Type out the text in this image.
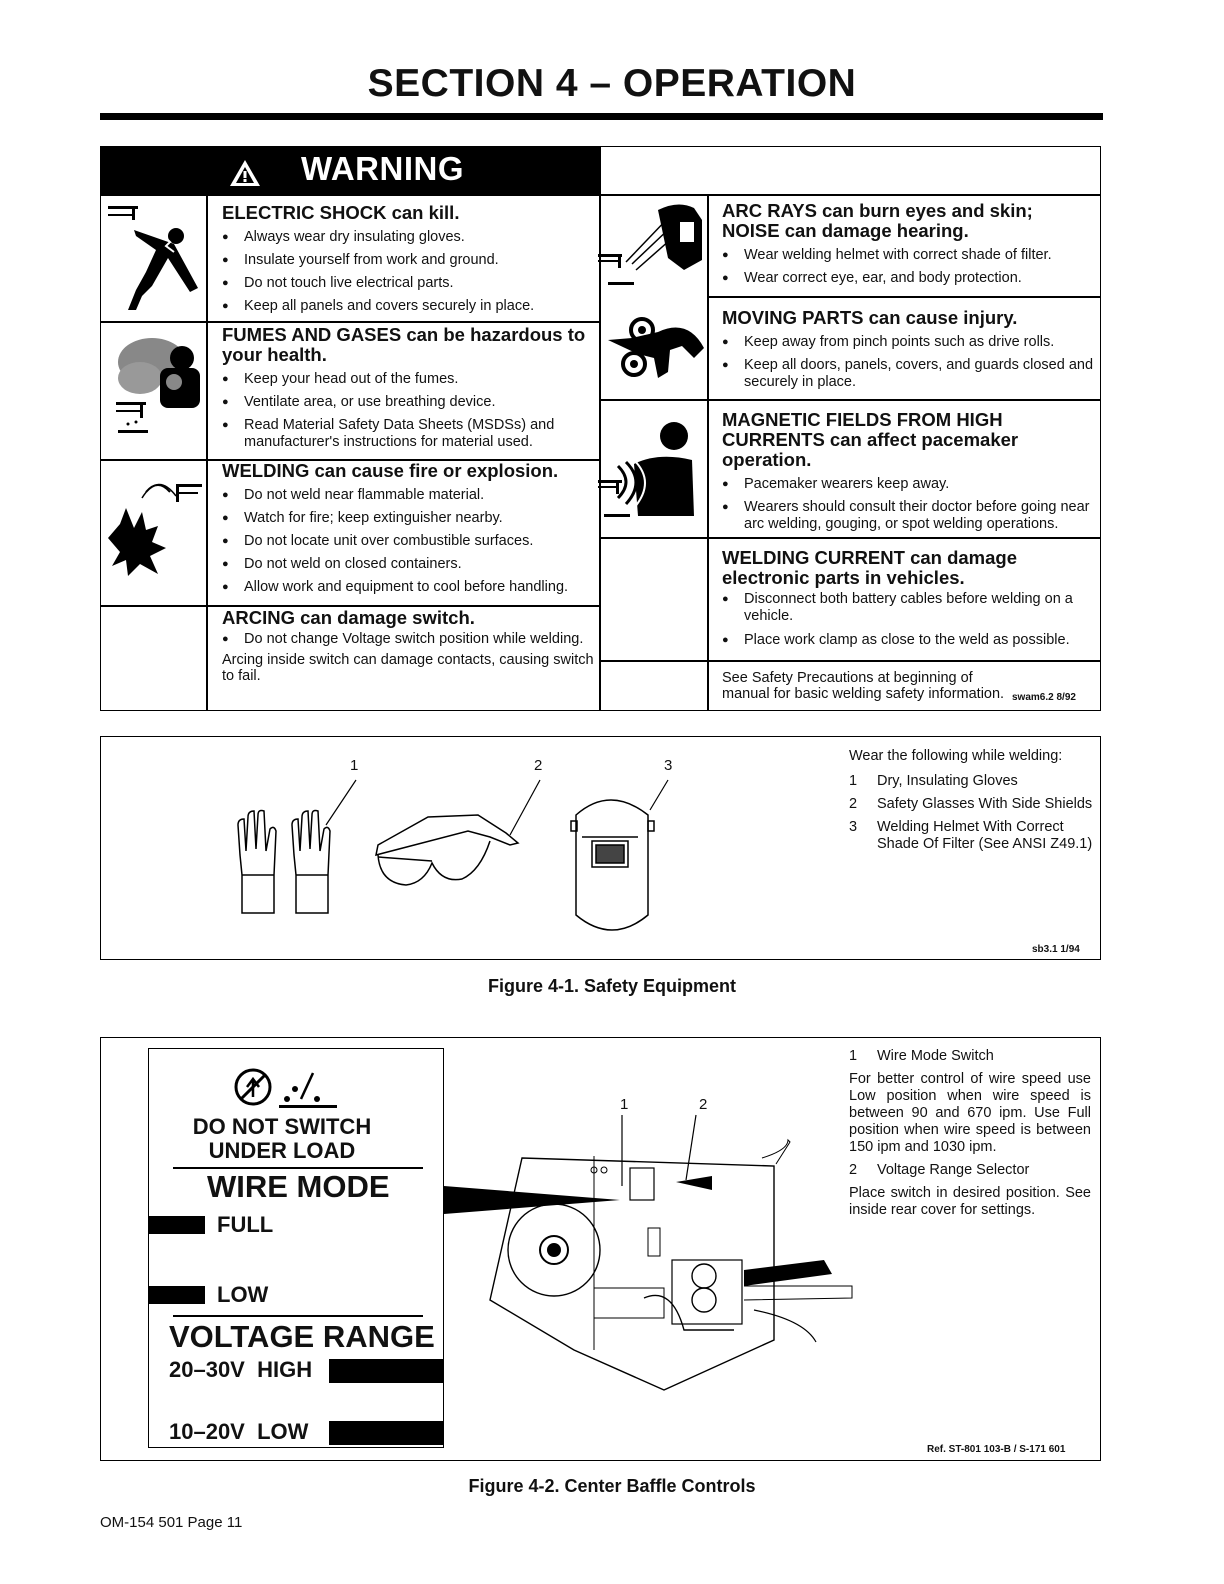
SECTION 4 – OPERATION
WARNING
ELECTRIC SHOCK can kill.
● Always wear dry insulating gloves.
● Insulate yourself from work and ground.
● Do not touch live electrical parts.
● Keep all panels and covers securely in place.
FUMES AND GASES can be hazardous to your health.
● Keep your head out of the fumes.
● Ventilate area, or use breathing device.
● Read Material Safety Data Sheets (MSDSs) and manufacturer's instructions for material used.
WELDING can cause fire or explosion.
● Do not weld near flammable material.
● Watch for fire; keep extinguisher nearby.
● Do not locate unit over combustible surfaces.
● Do not weld on closed containers.
● Allow work and equipment to cool before handling.
ARCING can damage switch.
● Do not change Voltage switch position while welding.
Arcing inside switch can damage contacts, causing switch to fail.
ARC RAYS can burn eyes and skin; NOISE can damage hearing.
● Wear welding helmet with correct shade of filter.
● Wear correct eye, ear, and body protection.
MOVING PARTS can cause injury.
● Keep away from pinch points such as drive rolls.
● Keep all doors, panels, covers, and guards closed and securely in place.
MAGNETIC FIELDS FROM HIGH CURRENTS can affect pacemaker operation.
● Pacemaker wearers keep away.
● Wearers should consult their doctor before going near arc welding, gouging, or spot welding operations.
WELDING CURRENT can damage electronic parts in vehicles.
● Disconnect both battery cables before welding on a vehicle.
● Place work clamp as close to the weld as possible.
See Safety Precautions at beginning of manual for basic welding safety information. swam6.2 8/92
1	2	3
Wear the following while welding:
1 Dry, Insulating Gloves
2 Safety Glasses With Side Shields
3 Welding Helmet With Correct Shade Of Filter (See ANSI Z49.1)
sb3.1 1/94
Figure 4-1. Safety Equipment
DO NOT SWITCH
UNDER LOAD
WIRE MODE
FULL
LOW
VOLTAGE RANGE
20–30V  HIGH
10–20V  LOW
1	2
1 Wire Mode Switch
For better control of wire speed use Low position when wire speed is between 90 and 670 ipm. Use Full position when wire speed is between 150 ipm and 1030 ipm.
2 Voltage Range Selector
Place switch in desired position. See inside rear cover for settings.
Ref. ST-801 103-B / S-171 601
Figure 4-2. Center Baffle Controls
OM-154 501 Page 11
